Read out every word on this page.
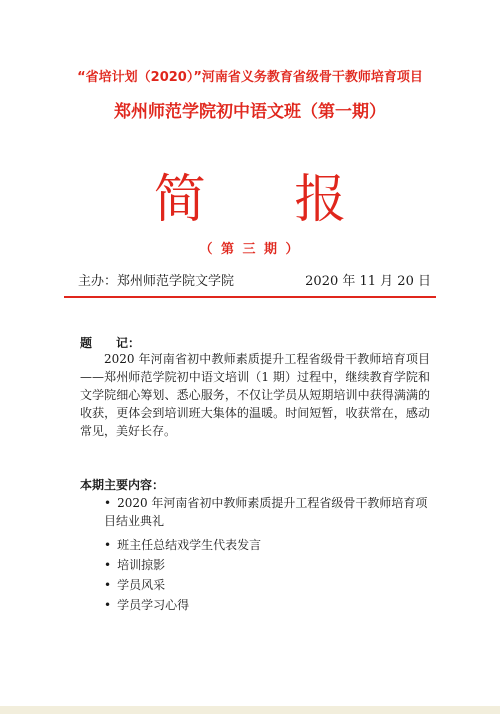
“省培计划（2020）”河南省义务教育省级骨干教师培育项目
郑州师范学院初中语文班（第一期）
简 报
（ 第 三 期 ）
主办：郑州师范学院文学院	2020 年 11 月 20 日
题　　记：
2020 年河南省初中教师素质提升工程省级骨干教师培育项目——郑州师范学院初中语文培训（1 期）过程中，继续教育学院和文学院细心筹划、悉心服务，不仅让学员从短期培训中获得满满的收获，更体会到培训班大集体的温暖。时间短暂，收获常在，感动常见，美好长存。
本期主要内容：
• 2020 年河南省初中教师素质提升工程省级骨干教师培育项目结业典礼
• 班主任总结戏学生代表发言
• 培训掠影
• 学员风采
• 学员学习心得
